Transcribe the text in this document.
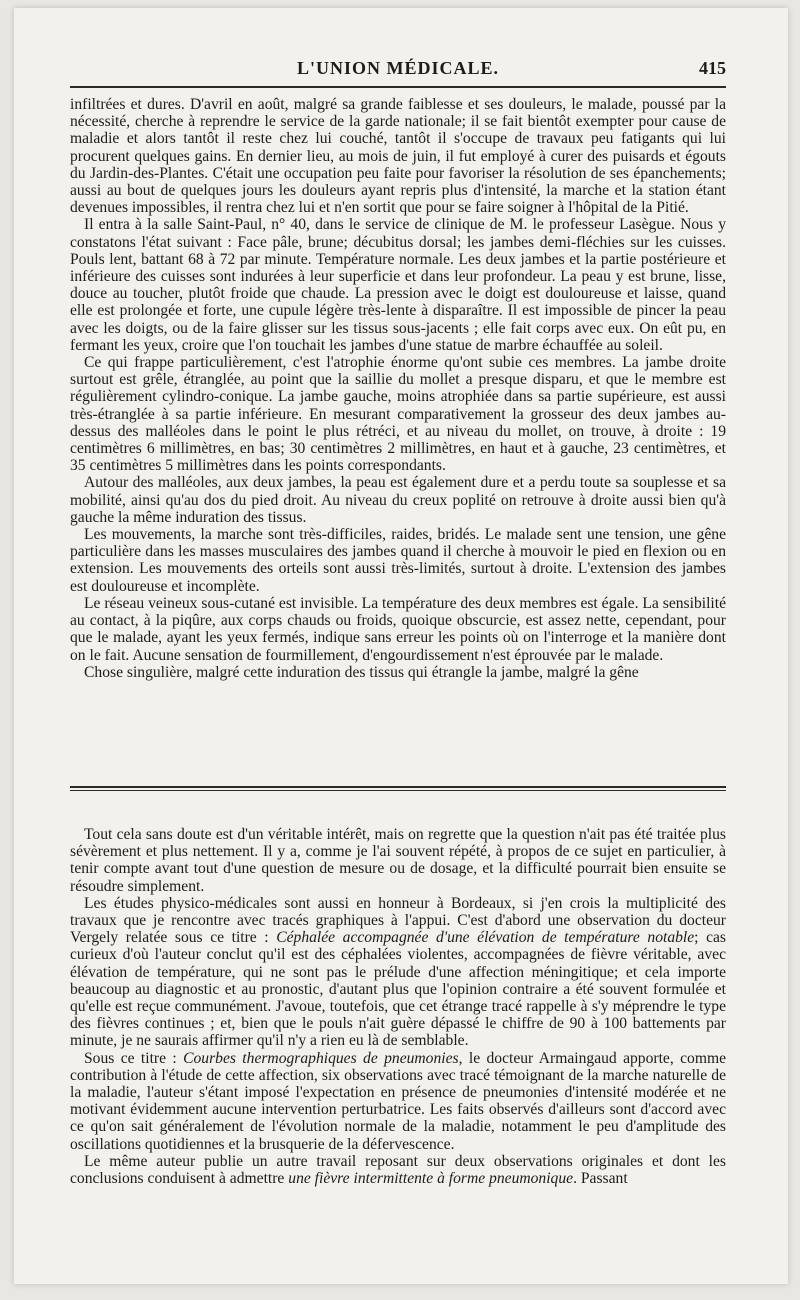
L'UNION MÉDICALE.	415

infiltrées et dures. D'avril en août, malgré sa grande faiblesse et ses douleurs, le malade, poussé par la nécessité, cherche à reprendre le service de la garde nationale; il se fait bientôt exempter pour cause de maladie et alors tantôt il reste chez lui couché, tantôt il s'occupe de travaux peu fatigants qui lui procurent quelques gains. En dernier lieu, au mois de juin, il fut employé à curer des puisards et égouts du Jardin-des-Plantes. C'était une occupation peu faite pour favoriser la résolution de ses épanchements; aussi au bout de quelques jours les douleurs ayant repris plus d'intensité, la marche et la station étant devenues impossibles, il rentra chez lui et n'en sortit que pour se faire soigner à l'hôpital de la Pitié.

Il entra à la salle Saint-Paul, n° 40, dans le service de clinique de M. le professeur Lasègue. Nous y constatons l'état suivant : Face pâle, brune; décubitus dorsal; les jambes demi-fléchies sur les cuisses. Pouls lent, battant 68 à 72 par minute. Température normale. Les deux jambes et la partie postérieure et inférieure des cuisses sont indurées à leur superficie et dans leur profondeur. La peau y est brune, lisse, douce au toucher, plutôt froide que chaude. La pression avec le doigt est douloureuse et laisse, quand elle est prolongée et forte, une cupule légère très-lente à disparaître. Il est impossible de pincer la peau avec les doigts, ou de la faire glisser sur les tissus sous-jacents ; elle fait corps avec eux. On eût pu, en fermant les yeux, croire que l'on touchait les jambes d'une statue de marbre échauffée au soleil.

Ce qui frappe particulièrement, c'est l'atrophie énorme qu'ont subie ces membres. La jambe droite surtout est grêle, étranglée, au point que la saillie du mollet a presque disparu, et que le membre est régulièrement cylindro-conique. La jambe gauche, moins atrophiée dans sa partie supérieure, est aussi très-étranglée à sa partie inférieure. En mesurant comparativement la grosseur des deux jambes au-dessus des malléoles dans le point le plus rétréci, et au niveau du mollet, on trouve, à droite : 19 centimètres 6 millimètres, en bas; 30 centimètres 2 millimètres, en haut et à gauche, 23 centimètres, et 35 centimètres 5 millimètres dans les points correspondants.

Autour des malléoles, aux deux jambes, la peau est également dure et a perdu toute sa souplesse et sa mobilité, ainsi qu'au dos du pied droit. Au niveau du creux poplité on retrouve à droite aussi bien qu'à gauche la même induration des tissus.

Les mouvements, la marche sont très-difficiles, raides, bridés. Le malade sent une tension, une gêne particulière dans les masses musculaires des jambes quand il cherche à mouvoir le pied en flexion ou en extension. Les mouvements des orteils sont aussi très-limités, surtout à droite. L'extension des jambes est douloureuse et incomplète.

Le réseau veineux sous-cutané est invisible. La température des deux membres est égale. La sensibilité au contact, à la piqûre, aux corps chauds ou froids, quoique obscurcie, est assez nette, cependant, pour que le malade, ayant les yeux fermés, indique sans erreur les points où on l'interroge et la manière dont on le fait. Aucune sensation de fourmillement, d'engourdissement n'est éprouvée par le malade.

Chose singulière, malgré cette induration des tissus qui étrangle la jambe, malgré la gêne

Tout cela sans doute est d'un véritable intérêt, mais on regrette que la question n'ait pas été traitée plus sévèrement et plus nettement. Il y a, comme je l'ai souvent répété, à propos de ce sujet en particulier, à tenir compte avant tout d'une question de mesure ou de dosage, et la difficulté pourrait bien ensuite se résoudre simplement.

Les études physico-médicales sont aussi en honneur à Bordeaux, si j'en crois la multiplicité des travaux que je rencontre avec tracés graphiques à l'appui. C'est d'abord une observation du docteur Vergely relatée sous ce titre : Céphalée accompagnée d'une élévation de température notable; cas curieux d'où l'auteur conclut qu'il est des céphalées violentes, accompagnées de fièvre véritable, avec élévation de température, qui ne sont pas le prélude d'une affection méningitique; et cela importe beaucoup au diagnostic et au pronostic, d'autant plus que l'opinion contraire a été souvent formulée et qu'elle est reçue communément. J'avoue, toutefois, que cet étrange tracé rappelle à s'y méprendre le type des fièvres continues ; et, bien que le pouls n'ait guère dépassé le chiffre de 90 à 100 battements par minute, je ne saurais affirmer qu'il n'y a rien eu là de semblable.

Sous ce titre : Courbes thermographiques de pneumonies, le docteur Armaingaud apporte, comme contribution à l'étude de cette affection, six observations avec tracé témoignant de la marche naturelle de la maladie, l'auteur s'étant imposé l'expectation en présence de pneumonies d'intensité modérée et ne motivant évidemment aucune intervention perturbatrice. Les faits observés d'ailleurs sont d'accord avec ce qu'on sait généralement de l'évolution normale de la maladie, notamment le peu d'amplitude des oscillations quotidiennes et la brusquerie de la défervescence.

Le même auteur publie un autre travail reposant sur deux observations originales et dont les conclusions conduisent à admettre une fièvre intermittente à forme pneumonique. Passant
